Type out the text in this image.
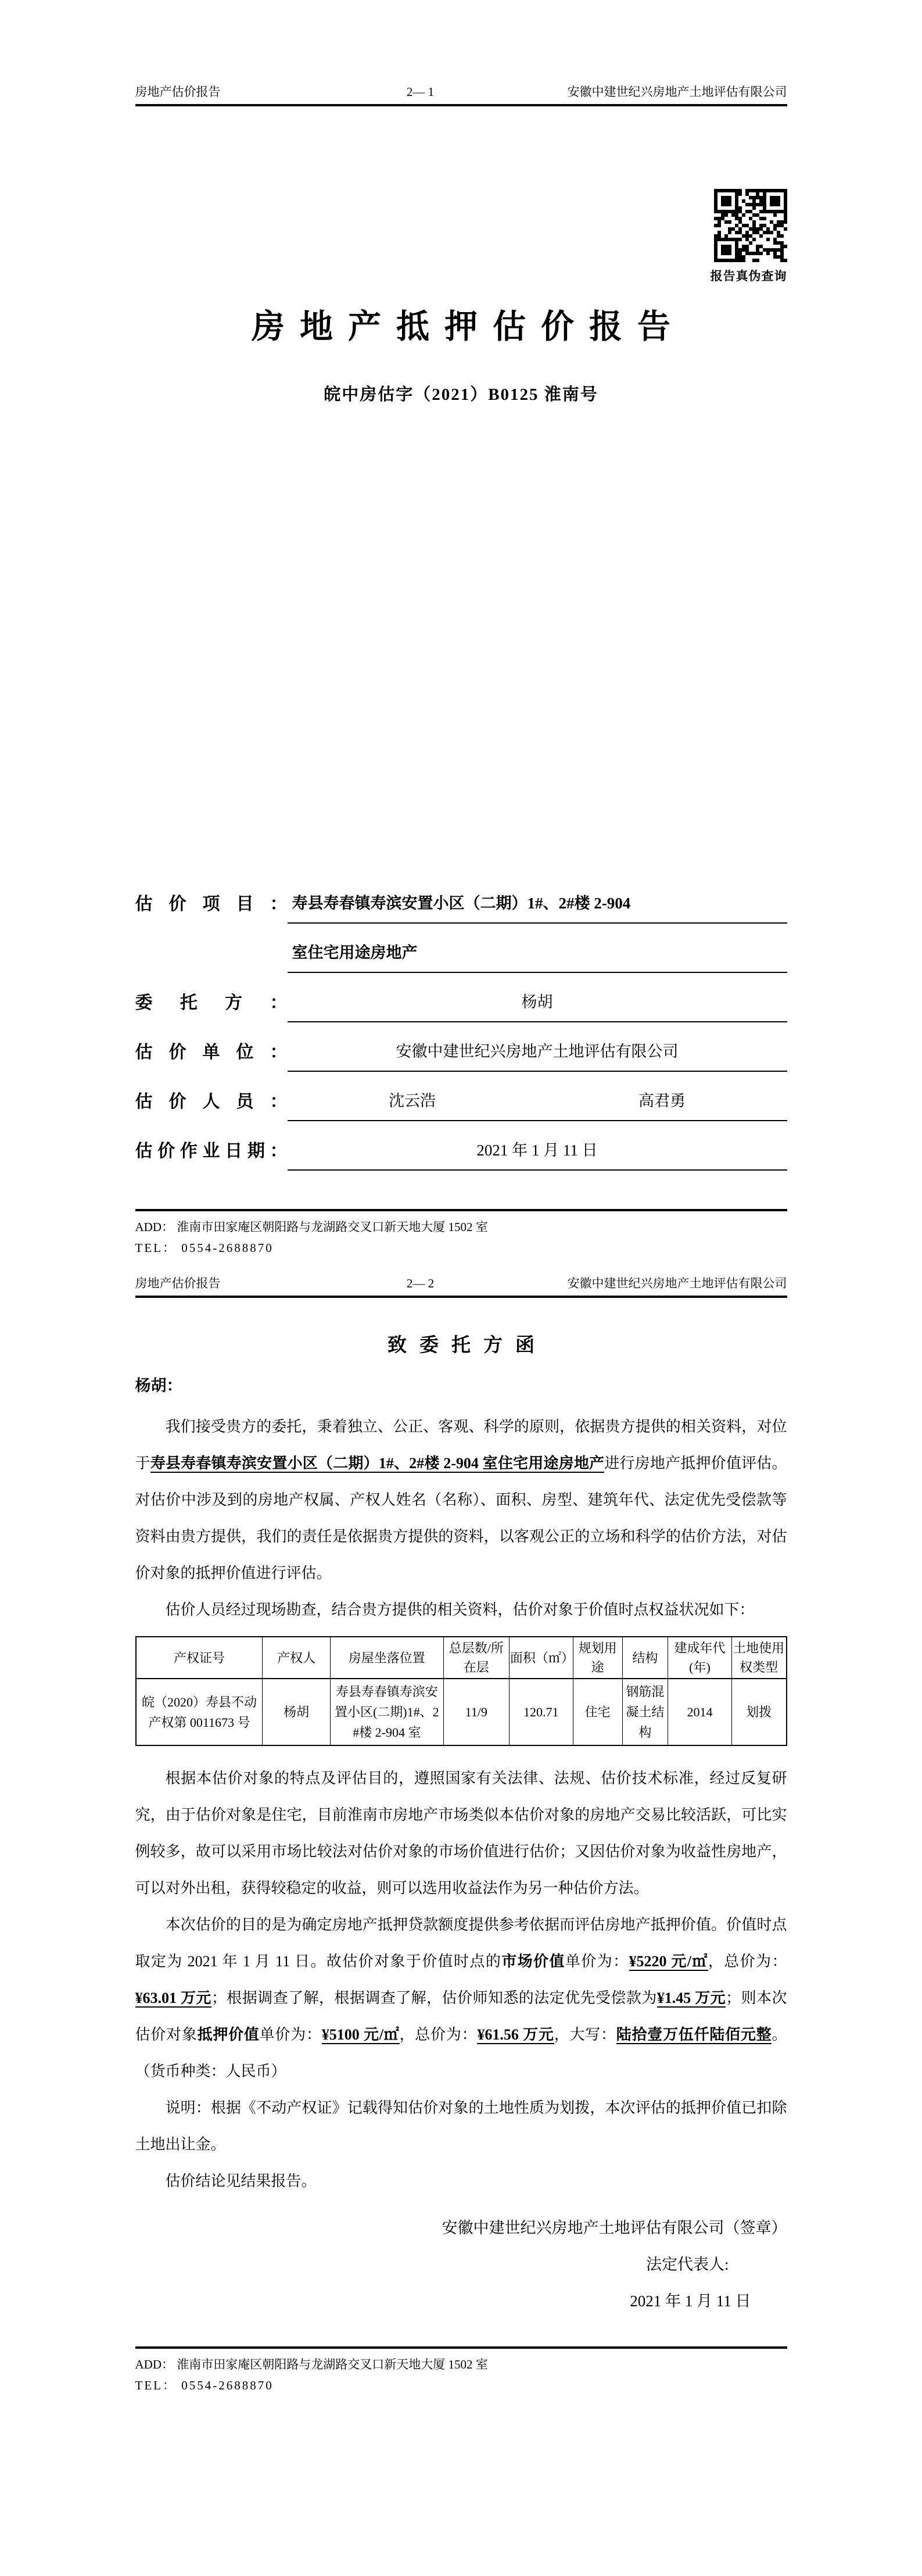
房地产估价报告	2— 1	安徽中建世纪兴房地产土地评估有限公司
报告真伪查询
房地产抵押估价报告
皖中房估字（2021）B0125 淮南号
估价项目： 寿县寿春镇寿滨安置小区（二期）1#、2#楼 2-904
室住宅用途房地产
委托方：	杨胡
估价单位：	安徽中建世纪兴房地产土地评估有限公司
估价人员：	沈云浩	高君勇
估价作业日期：	2021 年 1 月 11 日
ADD： 淮南市田家庵区朝阳路与龙湖路交叉口新天地大厦 1502 室
TEL： 0554-2688870
房地产估价报告	2— 2	安徽中建世纪兴房地产土地评估有限公司
致委托方函
杨胡：

我们接受贵方的委托，秉着独立、公正、客观、科学的原则，依据贵方提供的相关资料，对位于寿县寿春镇寿滨安置小区（二期）1#、2#楼 2-904 室住宅用途房地产进行房地产抵押价值评估。对估价中涉及到的房地产权属、产权人姓名（名称）、面积、房型、建筑年代、法定优先受偿款等资料由贵方提供，我们的责任是依据贵方提供的资料，以客观公正的立场和科学的估价方法，对估价对象的抵押价值进行评估。

估价人员经过现场勘查，结合贵方提供的相关资料，估价对象于价值时点权益状况如下：

产权证号	产权人	房屋坐落位置	总层数/所在层	面积（㎡）	规划用途	结构	建成年代(年)	土地使用权类型
皖（2020）寿县不动产权第 0011673 号	杨胡	寿县寿春镇寿滨安置小区(二期)1#、2#楼 2-904 室	11/9	120.71	住宅	钢筋混凝土结构	2014	划拨

根据本估价对象的特点及评估目的，遵照国家有关法律、法规、估价技术标准，经过反复研究，由于估价对象是住宅，目前淮南市房地产市场类似本估价对象的房地产交易比较活跃，可比实例较多，故可以采用市场比较法对估价对象的市场价值进行估价；又因估价对象为收益性房地产，可以对外出租，获得较稳定的收益，则可以选用收益法作为另一种估价方法。

本次估价的目的是为确定房地产抵押贷款额度提供参考依据而评估房地产抵押价值。价值时点取定为 2021 年 1 月 11 日。故估价对象于价值时点的市场价值单价为：¥5220 元/㎡，总价为：¥63.01 万元；根据调查了解，根据调查了解，估价师知悉的法定优先受偿款为¥1.45 万元；则本次估价对象抵押价值单价为：¥5100 元/㎡，总价为：¥61.56 万元，大写：陆拾壹万伍仟陆佰元整。（货币种类：人民币）

说明：根据《不动产权证》记载得知估价对象的土地性质为划拨，本次评估的抵押价值已扣除土地出让金。

估价结论见结果报告。

安徽中建世纪兴房地产土地评估有限公司（签章）
法定代表人:
2021 年 1 月 11 日
ADD： 淮南市田家庵区朝阳路与龙湖路交叉口新天地大厦 1502 室
TEL： 0554-2688870
